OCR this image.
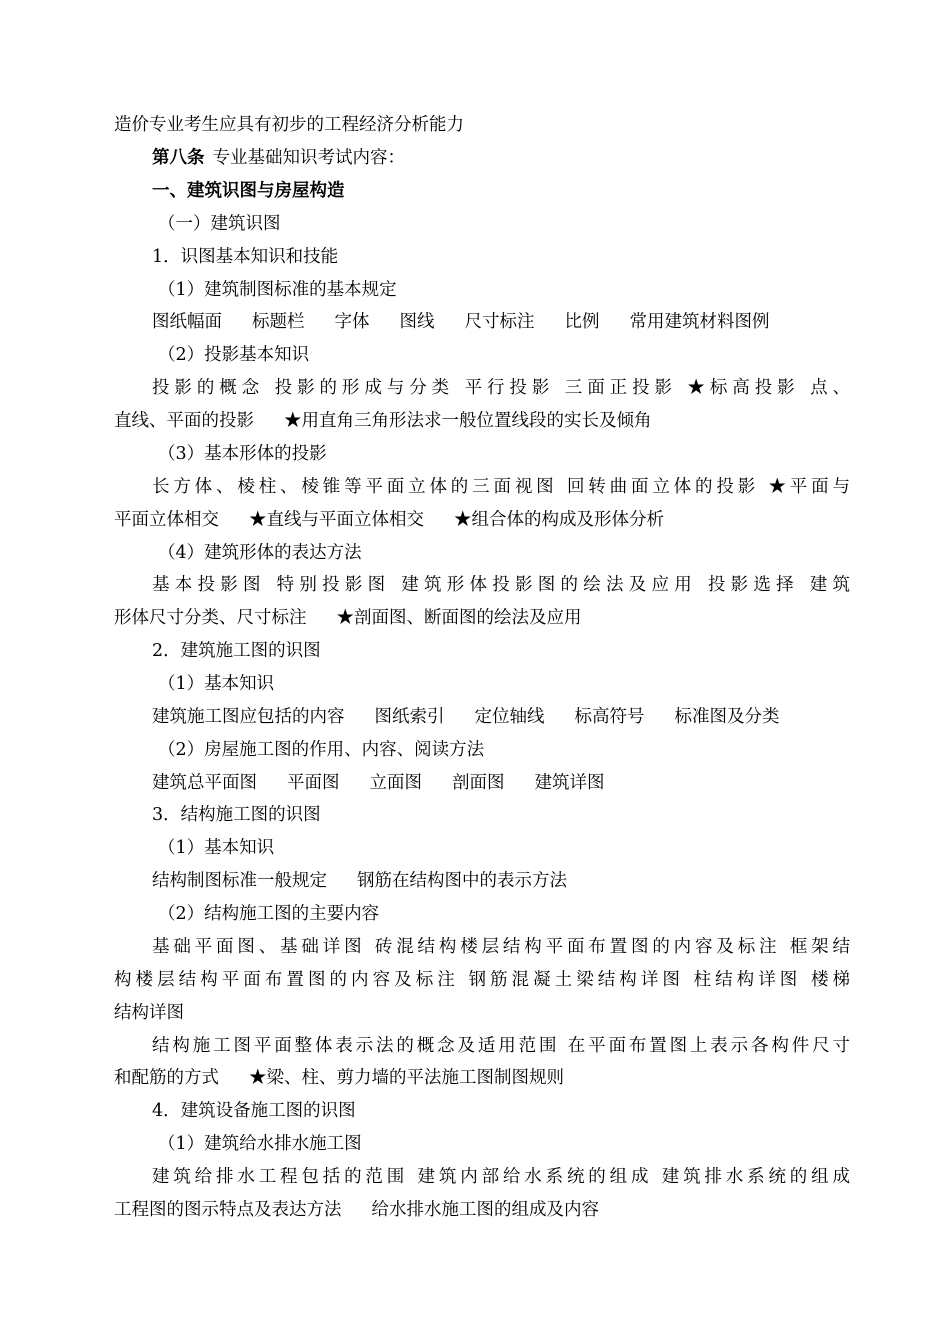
造价专业考生应具有初步的工程经济分析能力
第八条 专业基础知识考试内容：
一、建筑识图与房屋构造
（一）建筑识图
1．识图基本知识和技能
（1）建筑制图标准的基本规定
图纸幅面 标题栏 字体 图线 尺寸标注 比例 常用建筑材料图例
（2）投影基本知识
投影的概念 投影的形成与分类 平行投影 三面正投影 ★标高投影 点、
直线、平面的投影 ★用直角三角形法求一般位置线段的实长及倾角
（3）基本形体的投影
长方体、棱柱、棱锥等平面立体的三面视图 回转曲面立体的投影 ★平面与
平面立体相交 ★直线与平面立体相交 ★组合体的构成及形体分析
（4）建筑形体的表达方法
基本投影图 特别投影图 建筑形体投影图的绘法及应用 投影选择 建筑
形体尺寸分类、尺寸标注 ★剖面图、断面图的绘法及应用
2．建筑施工图的识图
（1）基本知识
建筑施工图应包括的内容 图纸索引 定位轴线 标高符号 标准图及分类
（2）房屋施工图的作用、内容、阅读方法
建筑总平面图 平面图 立面图 剖面图 建筑详图
3．结构施工图的识图
（1）基本知识
结构制图标准一般规定 钢筋在结构图中的表示方法
（2）结构施工图的主要内容
基础平面图、基础详图 砖混结构楼层结构平面布置图的内容及标注 框架结
构楼层结构平面布置图的内容及标注 钢筋混凝土梁结构详图 柱结构详图 楼梯
结构详图
结构施工图平面整体表示法的概念及适用范围 在平面布置图上表示各构件尺寸
和配筋的方式 ★梁、柱、剪力墙的平法施工图制图规则
4．建筑设备施工图的识图
（1）建筑给水排水施工图
建筑给排水工程包括的范围 建筑内部给水系统的组成 建筑排水系统的组成
工程图的图示特点及表达方法 给水排水施工图的组成及内容
